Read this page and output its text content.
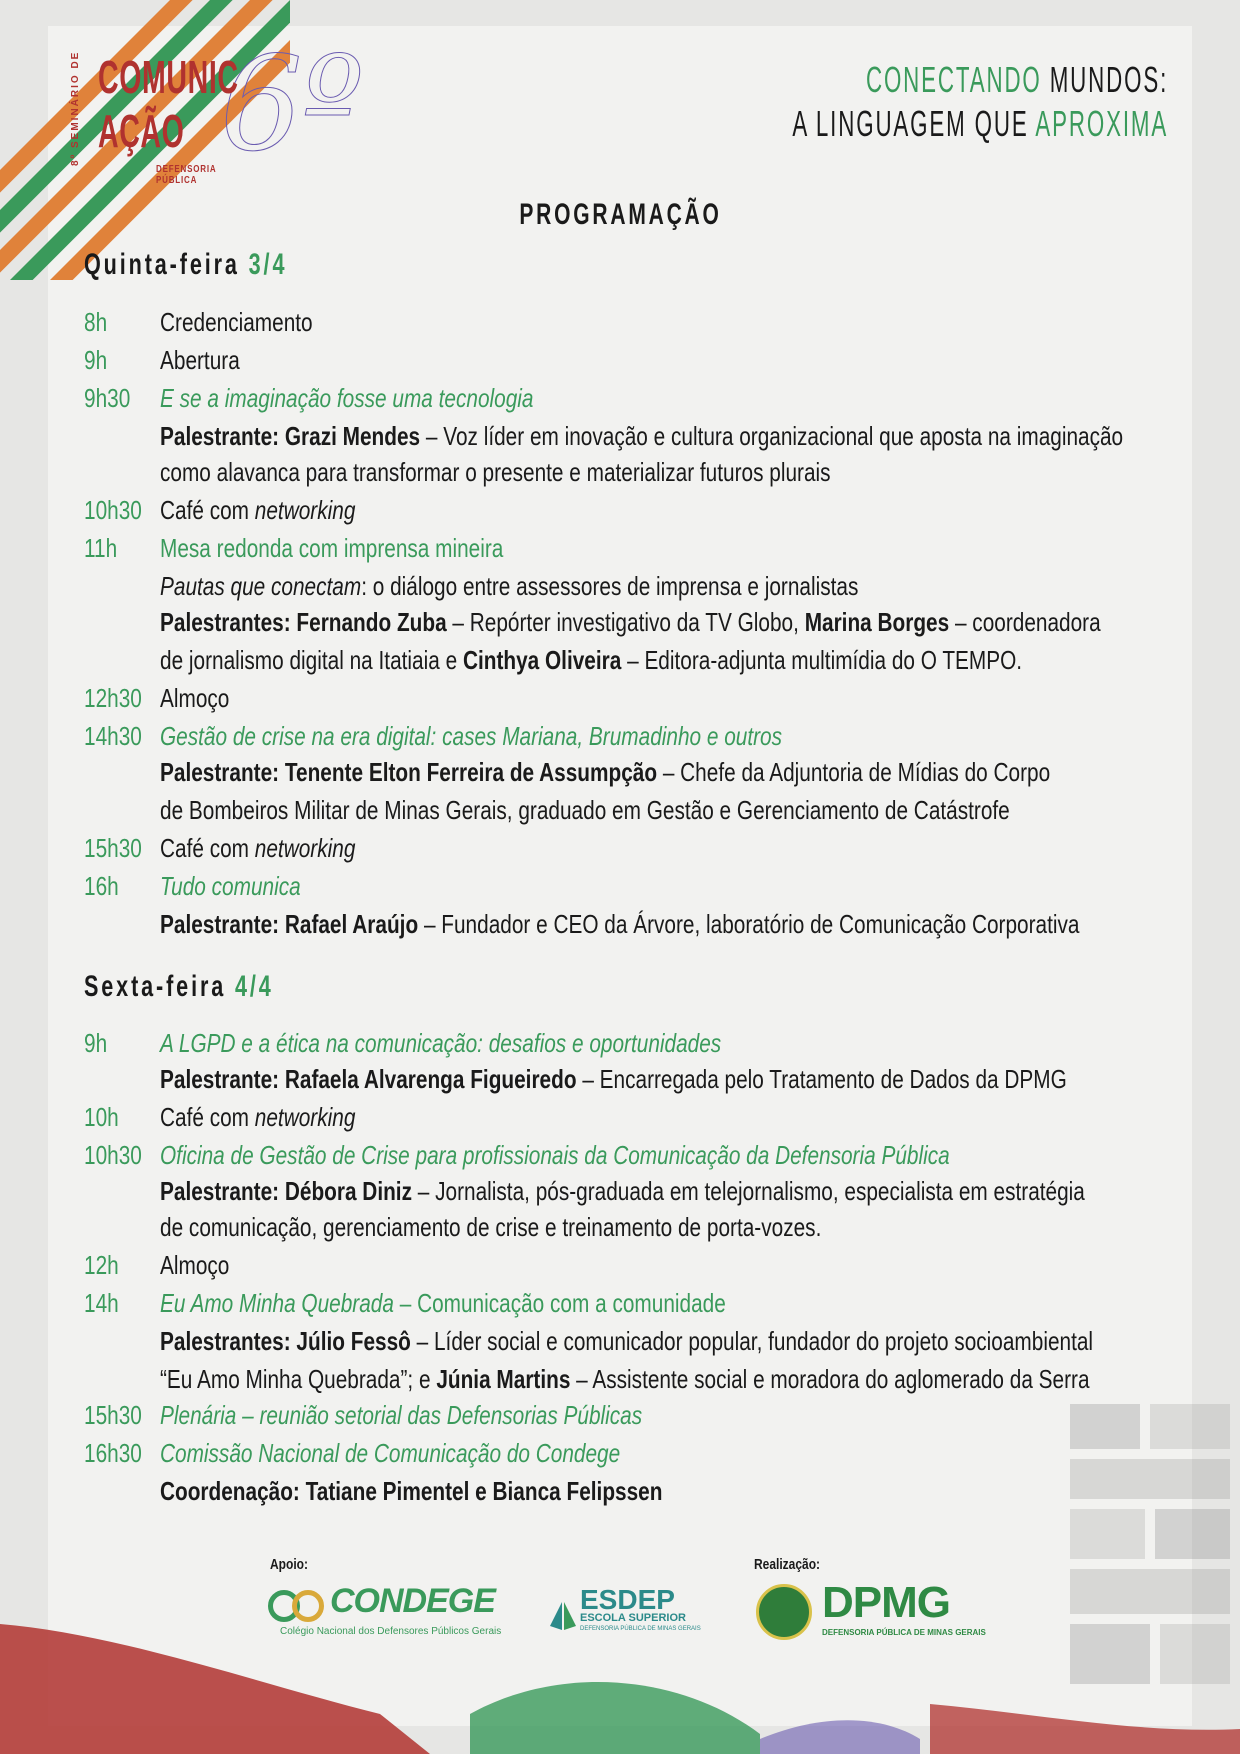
8º SEMINÁRIO DE 6º
COMUNIC
AÇÃO
DEFENSORIA PÚBLICA
CONECTANDO MUNDOS:
A LINGUAGEM QUE APROXIMA
PROGRAMAÇÃO
Quinta-feira 3/4
8h Credenciamento
9h Abertura
9h30 E se a imaginação fosse uma tecnologia
Palestrante: Grazi Mendes – Voz líder em inovação e cultura organizacional que aposta na imaginação
como alavanca para transformar o presente e materializar futuros plurais
10h30 Café com networking
11h Mesa redonda com imprensa mineira
Pautas que conectam: o diálogo entre assessores de imprensa e jornalistas
Palestrantes: Fernando Zuba – Repórter investigativo da TV Globo, Marina Borges – coordenadora
de jornalismo digital na Itatiaia e Cinthya Oliveira – Editora-adjunta multimídia do O TEMPO.
12h30 Almoço
14h30 Gestão de crise na era digital: cases Mariana, Brumadinho e outros
Palestrante: Tenente Elton Ferreira de Assumpção – Chefe da Adjuntoria de Mídias do Corpo
de Bombeiros Militar de Minas Gerais, graduado em Gestão e Gerenciamento de Catástrofe
15h30 Café com networking
16h Tudo comunica
Palestrante: Rafael Araújo – Fundador e CEO da Árvore, laboratório de Comunicação Corporativa
Sexta-feira 4/4
9h A LGPD e a ética na comunicação: desafios e oportunidades
Palestrante: Rafaela Alvarenga Figueiredo – Encarregada pelo Tratamento de Dados da DPMG
10h Café com networking
10h30 Oficina de Gestão de Crise para profissionais da Comunicação da Defensoria Pública
Palestrante: Débora Diniz – Jornalista, pós-graduada em telejornalismo, especialista em estratégia
de comunicação, gerenciamento de crise e treinamento de porta-vozes.
12h Almoço
14h Eu Amo Minha Quebrada – Comunicação com a comunidade
Palestrantes: Júlio Fessô – Líder social e comunicador popular, fundador do projeto socioambiental
“Eu Amo Minha Quebrada”; e Júnia Martins – Assistente social e moradora do aglomerado da Serra
15h30 Plenária – reunião setorial das Defensorias Públicas
16h30 Comissão Nacional de Comunicação do Condege
Coordenação: Tatiane Pimentel e Bianca Felipssen
Apoio:	Realização:
CONDEGE
Colégio Nacional dos Defensores Públicos Gerais
ESDEP
ESCOLA SUPERIOR
DEFENSORIA PÚBLICA DE MINAS GERAIS
DPMG
DEFENSORIA PÚBLICA DE MINAS GERAIS
